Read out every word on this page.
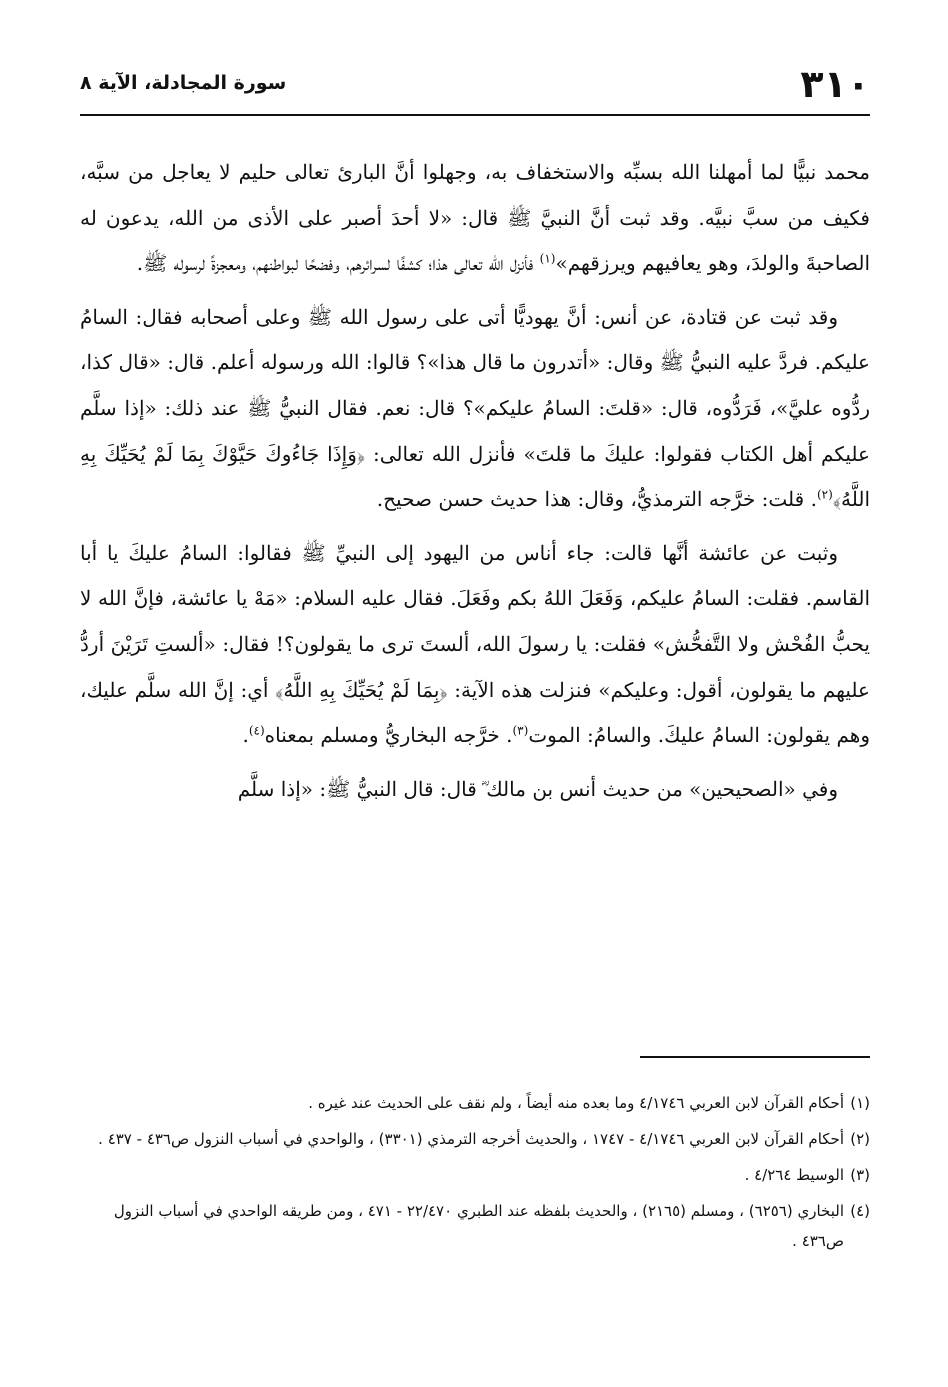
٣١٠
سورة المجادلة، الآية ٨

محمد نبيًّا لما أمهلنا الله بسبِّه والاستخفاف به، وجهلوا أنَّ البارئ تعالى حليم لا يعاجل من سبَّه، فكيف من سبَّ نبيَّه. وقد ثبت أنَّ النبيَّ ﷺ قال: «لا أحدَ أصبر على الأذى من الله، يدعون له الصاحبةَ والولدَ، وهو يعافيهم ويرزقهم»$^{(١)}$ فأنزل الله تعالى هذا؛ كشفًا لسرائرهم، وفضحًا لبواطنهم، ومعجزةً لرسوله ﷺ.

وقد ثبت عن قتادة، عن أنس: أنَّ يهوديًّا أتى على رسول الله ﷺ وعلى أصحابه فقال: السامُ عليكم. فردَّ عليه النبيُّ ﷺ وقال: «أتدرون ما قال هذا»؟ قالوا: الله ورسوله أعلم. قال: «قال كذا، ردُّوه عليَّ»، فَرَدُّوه، قال: «قلتَ: السامُ عليكم»؟ قال: نعم. فقال النبيُّ ﷺ عند ذلك: «إذا سلَّم عليكم أهل الكتاب فقولوا: عليكَ ما قلتَ» فأنزل الله تعالى: ﴿وَإِذَا جَاءُوكَ حَيَّوْكَ بِمَا لَمْ يُحَيِّكَ بِهِ اللَّهُ﴾$^{(٢)}$. قلت: خرَّجه الترمذيُّ، وقال: هذا حديث حسن صحيح.

وثبت عن عائشة أنَّها قالت: جاء أناس من اليهود إلى النبيِّ ﷺ فقالوا: السامُ عليكَ يا أبا القاسم. فقلت: السامُ عليكم، وَفَعَلَ اللهُ بكم وفَعَلَ. فقال عليه السلام: «مَهْ يا عائشة، فإنَّ الله لا يحبُّ الفُحْش ولا التَّفحُّش» فقلت: يا رسولَ الله، ألستَ ترى ما يقولون؟! فقال: «ألستِ تَرَيْنَ أردُّ عليهم ما يقولون، أقول: وعليكم» فنزلت هذه الآية: ﴿بِمَا لَمْ يُحَيِّكَ بِهِ اللَّهُ﴾ أي: إنَّ الله سلَّم عليك، وهم يقولون: السامُ عليكَ. والسامُ: الموت$^{(٣)}$. خرَّجه البخاريُّ ومسلم بمعناه$^{(٤)}$.

وفي «الصحيحين» من حديث أنس بن مالك ؓ قال: قال النبيُّ ﷺ: «إذا سلَّم

(١)أحكام القرآن لابن العربي ٤/١٧٤٦ وما بعده منه أيضاً ، ولم نقف على الحديث عند غيره .
(٢)أحكام القرآن لابن العربي ٤/١٧٤٦ - ١٧٤٧ ، والحديث أخرجه الترمذي (٣٣٠١) ، والواحدي في أسباب النزول ص٤٣٦ - ٤٣٧ .
(٣)الوسيط ٤/٢٦٤ .
(٤)البخاري (٦٢٥٦) ، ومسلم (٢١٦٥) ، والحديث بلفظه عند الطبري ٢٢/٤٧٠ - ٤٧١ ، ومن طريقه الواحدي في أسباب النزول ص٤٣٦ .
